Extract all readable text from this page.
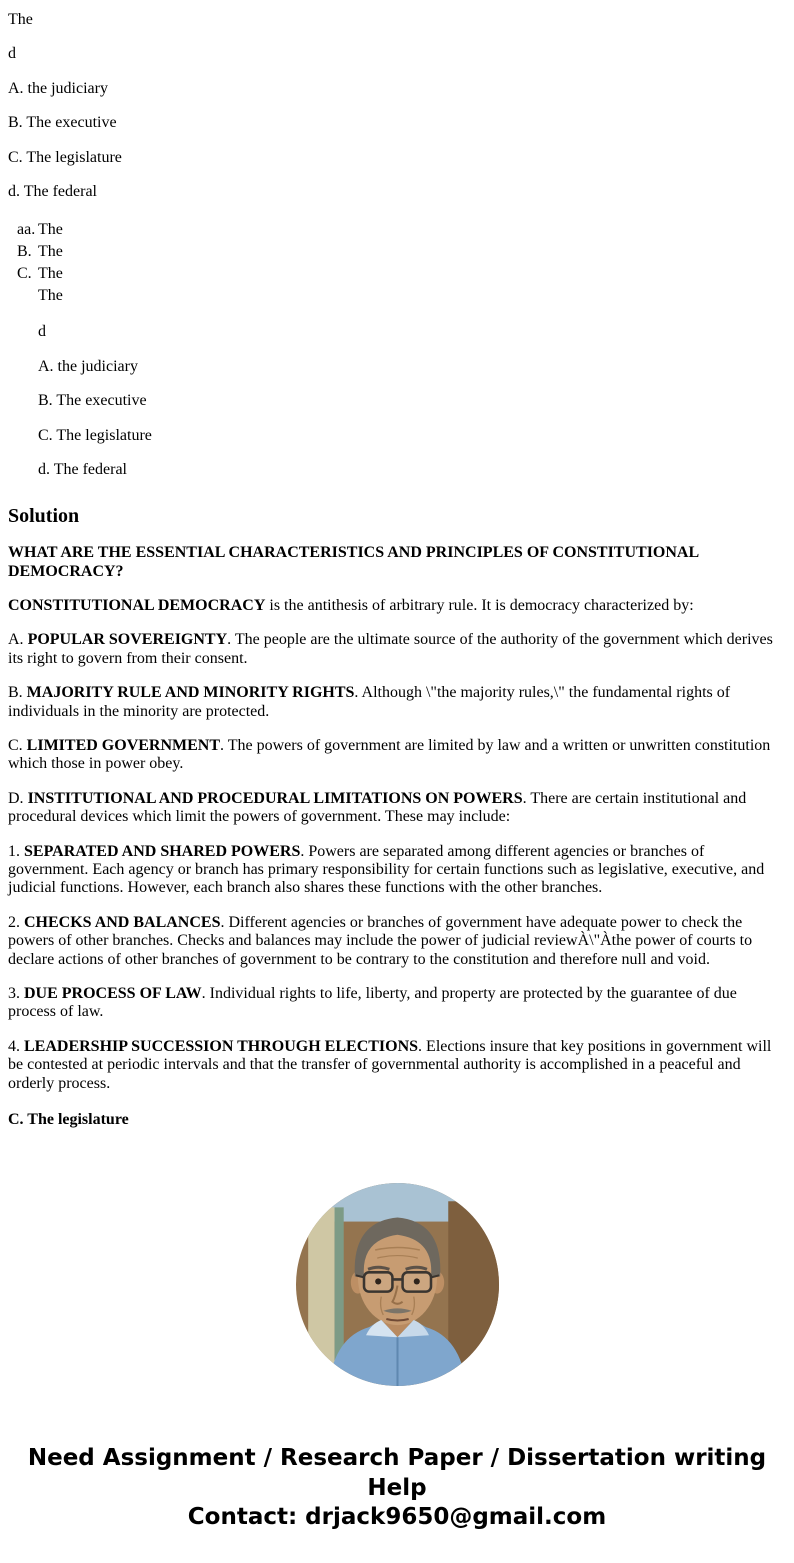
The

d

A. the judiciary

B. The executive

C. The legislature

d. The federal

aa. The
B. The
C. The
The

d

A. the judiciary

B. The executive

C. The legislature

d. The federal

Solution

WHAT ARE THE ESSENTIAL CHARACTERISTICS AND PRINCIPLES OF CONSTITUTIONAL DEMOCRACY?

CONSTITUTIONAL DEMOCRACY is the antithesis of arbitrary rule. It is democracy characterized by:

A. POPULAR SOVEREIGNTY. The people are the ultimate source of the authority of the government which derives its right to govern from their consent.

B. MAJORITY RULE AND MINORITY RIGHTS. Although \"the majority rules,\" the fundamental rights of individuals in the minority are protected.

C. LIMITED GOVERNMENT. The powers of government are limited by law and a written or unwritten constitution which those in power obey.

D. INSTITUTIONAL AND PROCEDURAL LIMITATIONS ON POWERS. There are certain institutional and procedural devices which limit the powers of government. These may include:

1. SEPARATED AND SHARED POWERS. Powers are separated among different agencies or branches of government. Each agency or branch has primary responsibility for certain functions such as legislative, executive, and judicial functions. However, each branch also shares these functions with the other branches.

2. CHECKS AND BALANCES. Different agencies or branches of government have adequate power to check the powers of other branches. Checks and balances may include the power of judicial reviewÀ\"Àthe power of courts to declare actions of other branches of government to be contrary to the constitution and therefore null and void.

3. DUE PROCESS OF LAW. Individual rights to life, liberty, and property are protected by the guarantee of due process of law.

4. LEADERSHIP SUCCESSION THROUGH ELECTIONS. Elections insure that key positions in government will be contested at periodic intervals and that the transfer of governmental authority is accomplished in a peaceful and orderly process.

C. The legislature

Need Assignment / Research Paper / Dissertation writing Help
Contact: drjack9650@gmail.com
